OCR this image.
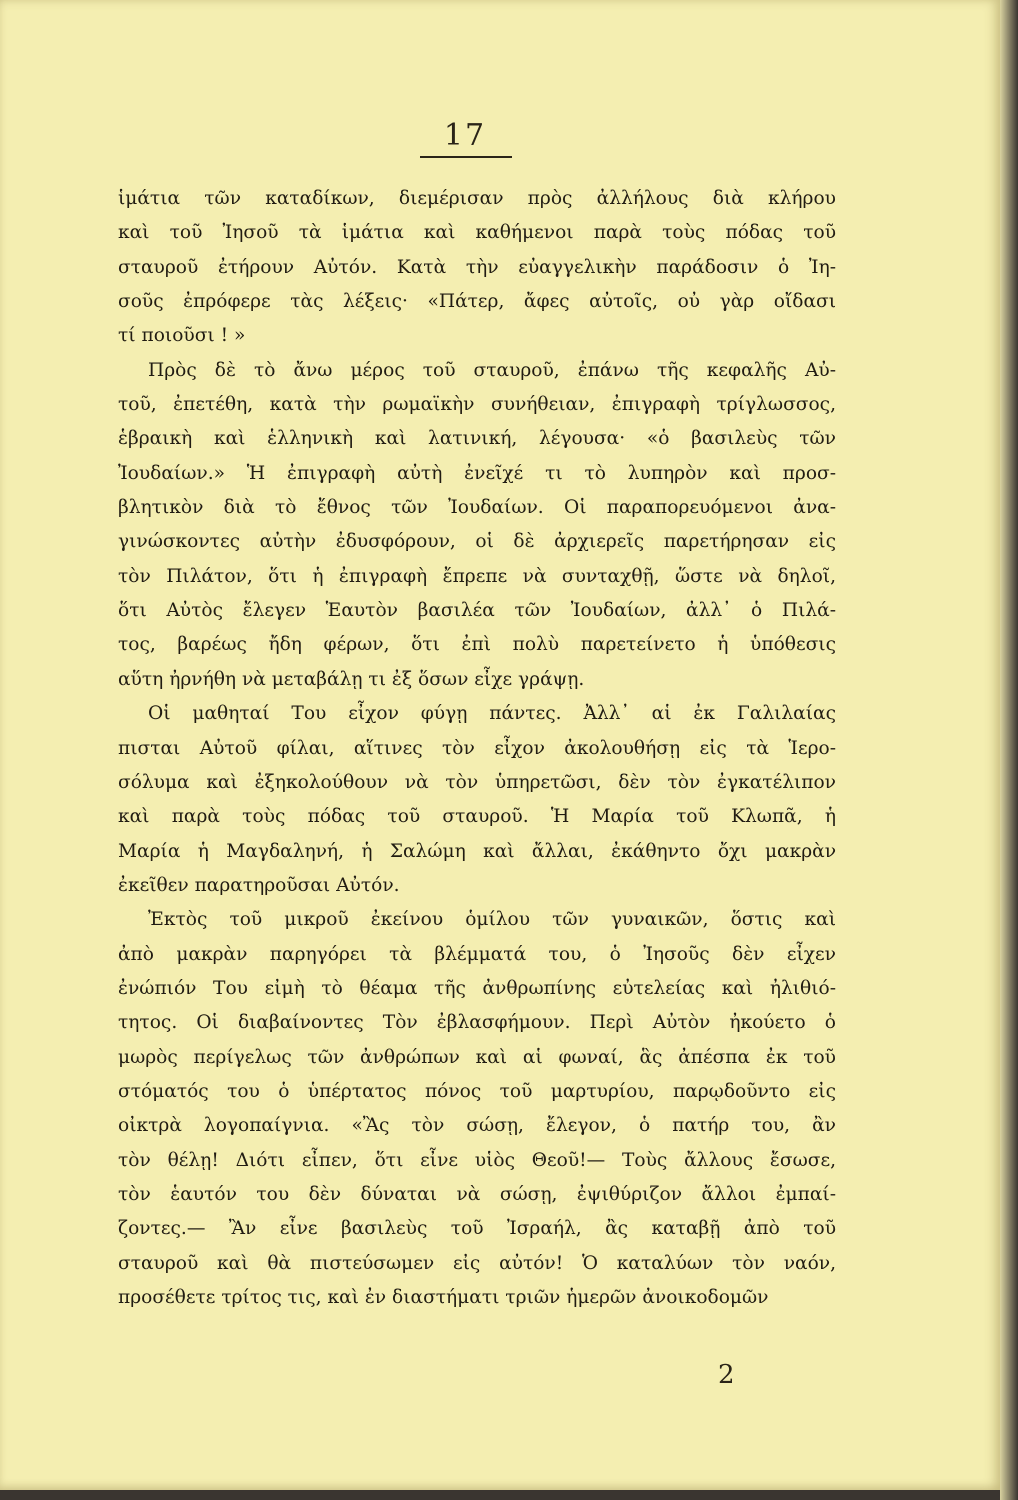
17
ἱμάτια τῶν καταδίκων, διεμέρισαν πρὸς ἀλλήλους διὰ κλήρου
καὶ τοῦ Ἰησοῦ τὰ ἱμάτια καὶ καθήμενοι παρὰ τοὺς πόδας τοῦ
σταυροῦ ἐτήρουν Αὐτόν. Κατὰ τὴν εὐαγγελικὴν παράδοσιν ὁ Ἰη-
σοῦς ἐπρόφερε τὰς λέξεις· «Πάτερ, ἄφες αὐτοῖς, οὐ γὰρ οἴδασι
τί ποιοῦσι ! »
Πρὸς δὲ τὸ ἄνω μέρος τοῦ σταυροῦ, ἐπάνω τῆς κεφαλῆς Αὐ-
τοῦ, ἐπετέθη, κατὰ τὴν ρωμαϊκὴν συνήθειαν, ἐπιγραφὴ τρίγλωσσος,
ἑβραικὴ καὶ ἑλληνικὴ καὶ λατινική, λέγουσα· «ὁ βασιλεὺς τῶν
Ἰουδαίων.» Ἡ ἐπιγραφὴ αὐτὴ ἐνεῖχέ τι τὸ λυπηρὸν καὶ προσ-
βλητικὸν διὰ τὸ ἔθνος τῶν Ἰουδαίων. Οἱ παραπορευόμενοι ἀνα-
γινώσκοντες αὐτὴν ἐδυσφόρουν, οἱ δὲ ἀρχιερεῖς παρετήρησαν εἰς
τὸν Πιλάτον, ὅτι ἡ ἐπιγραφὴ ἔπρεπε νὰ συνταχθῇ, ὥστε νὰ δηλοῖ,
ὅτι Αὐτὸς ἔλεγεν Ἑαυτὸν βασιλέα τῶν Ἰουδαίων, ἀλλ᾽ ὁ Πιλά-
τος, βαρέως ἤδη φέρων, ὅτι ἐπὶ πολὺ παρετείνετο ἡ ὑπόθεσις
αὕτη ἠρνήθη νὰ μεταβάλῃ τι ἐξ ὅσων εἶχε γράψῃ.
Οἱ μαθηταί Του εἶχον φύγῃ πάντες. Ἀλλ᾽ αἱ ἐκ Γαλιλαίας
πισται Αὐτοῦ φίλαι, αἵτινες τὸν εἶχον ἀκολουθήσῃ εἰς τὰ Ἱερο-
σόλυμα καὶ ἐξηκολούθουν νὰ τὸν ὑπηρετῶσι, δὲν τὸν ἐγκατέλιπον
καὶ παρὰ τοὺς πόδας τοῦ σταυροῦ. Ἡ Μαρία τοῦ Κλωπᾶ, ἡ
Μαρία ἡ Μαγδαληνή, ἡ Σαλώμη καὶ ἄλλαι, ἐκάθηντο ὄχι μακρὰν
ἐκεῖθεν παρατηροῦσαι Αὐτόν.
Ἐκτὸς τοῦ μικροῦ ἐκείνου ὁμίλου τῶν γυναικῶν, ὅστις καὶ
ἀπὸ μακρὰν παρηγόρει τὰ βλέμματά του, ὁ Ἰησοῦς δὲν εἶχεν
ἐνώπιόν Του εἰμὴ τὸ θέαμα τῆς ἀνθρωπίνης εὐτελείας καὶ ἠλιθιό-
τητος. Οἱ διαβαίνοντες Τὸν ἐβλασφήμουν. Περὶ Αὐτὸν ἠκούετο ὁ
μωρὸς περίγελως τῶν ἀνθρώπων καὶ αἱ φωναί, ἃς ἀπέσπα ἐκ τοῦ
στόματός του ὁ ὑπέρτατος πόνος τοῦ μαρτυρίου, παρῳδοῦντο εἰς
οἰκτρὰ λογοπαίγνια. «Ἂς τὸν σώσῃ, ἔλεγον, ὁ πατήρ του, ἂν
τὸν θέλῃ! Διότι εἶπεν, ὅτι εἶνε υἱὸς Θεοῦ!— Τοὺς ἄλλους ἔσωσε,
τὸν ἑαυτόν του δὲν δύναται νὰ σώσῃ, ἐψιθύριζον ἄλλοι ἐμπαί-
ζοντες.— Ἂν εἶνε βασιλεὺς τοῦ Ἰσραήλ, ἂς καταβῇ ἀπὸ τοῦ
σταυροῦ καὶ θὰ πιστεύσωμεν εἰς αὐτόν! Ὁ καταλύων τὸν ναόν,
προσέθετε τρίτος τις, καὶ ἐν διαστήματι τριῶν ἡμερῶν ἀνοικοδομῶν
2
